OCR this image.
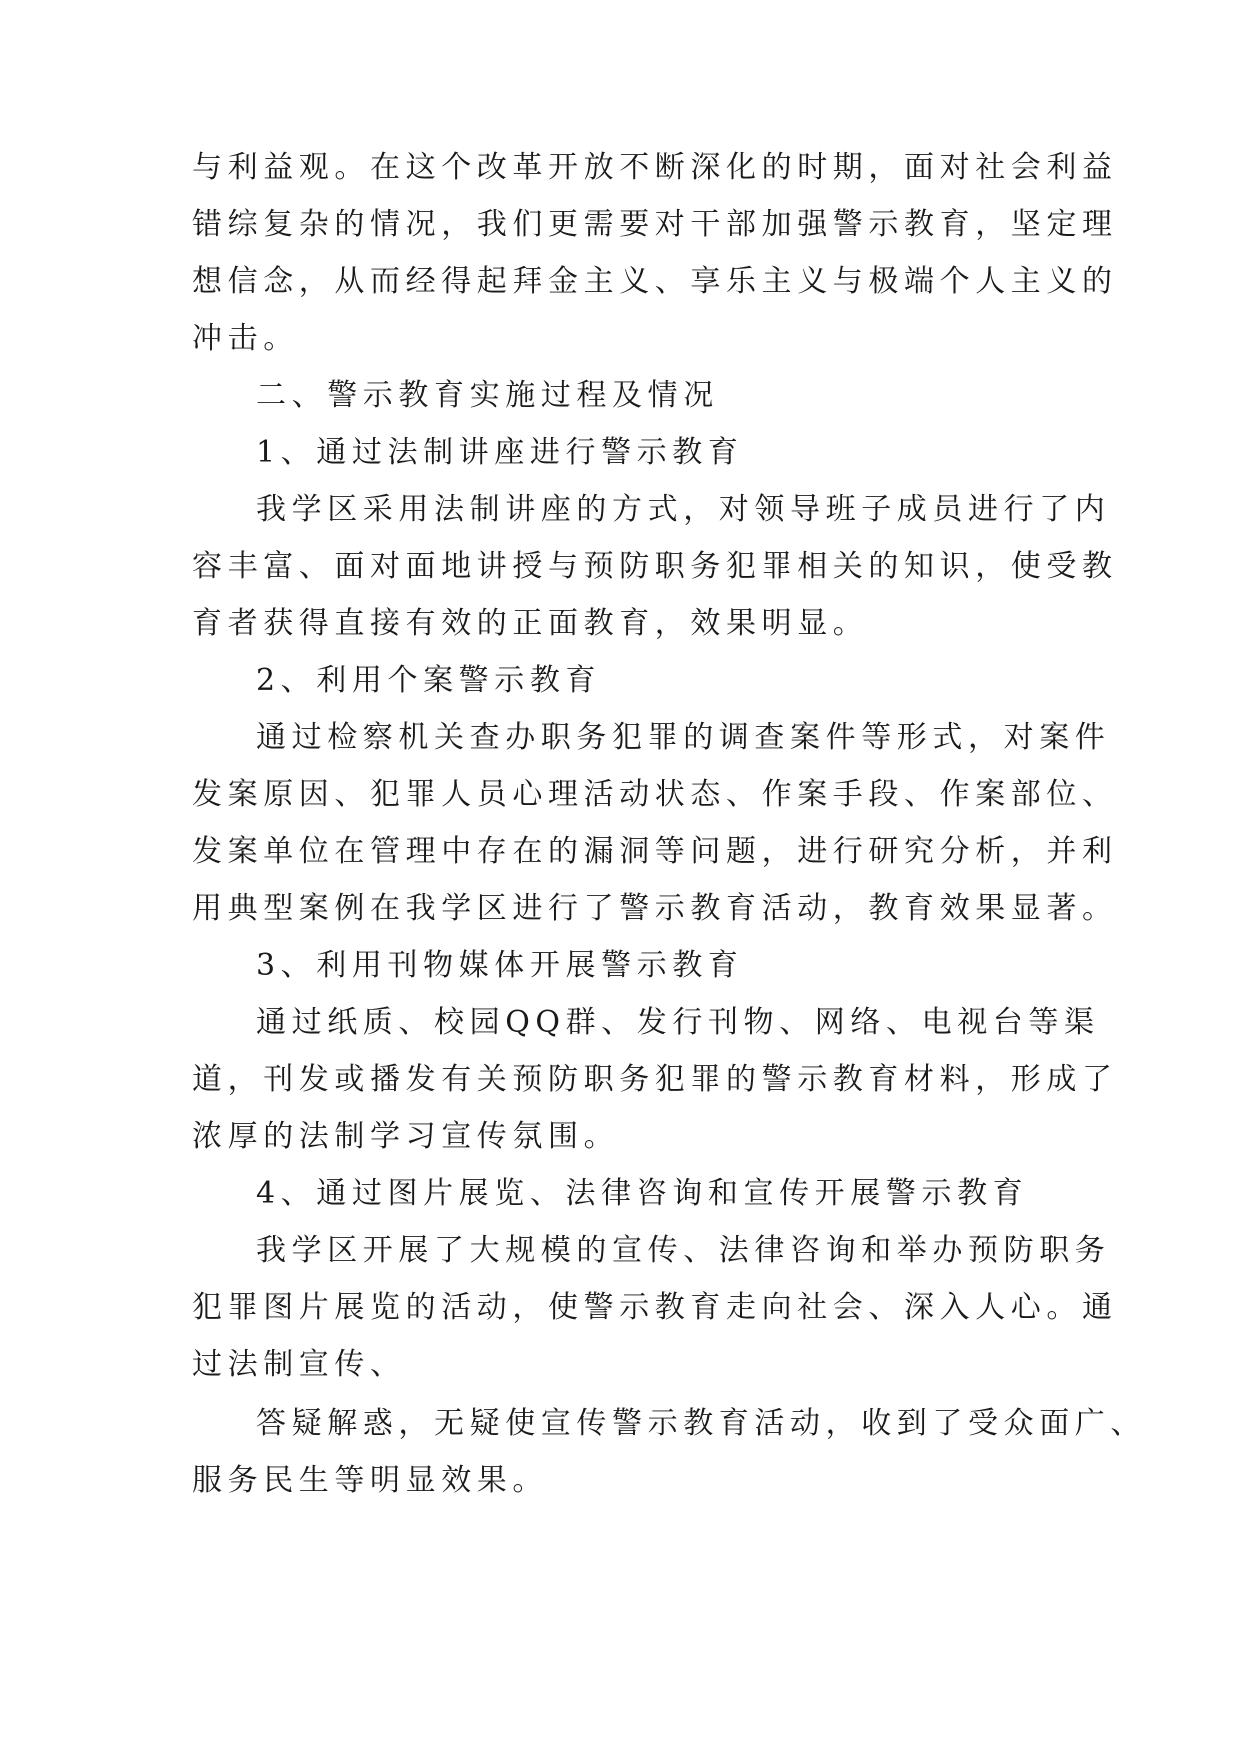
与利益观。在这个改革开放不断深化的时期，面对社会利益
错综复杂的情况，我们更需要对干部加强警示教育，坚定理
想信念，从而经得起拜金主义、享乐主义与极端个人主义的
冲击。
二、警示教育实施过程及情况
1、通过法制讲座进行警示教育
我学区采用法制讲座的方式，对领导班子成员进行了内
容丰富、面对面地讲授与预防职务犯罪相关的知识，使受教
育者获得直接有效的正面教育，效果明显。
2、利用个案警示教育
通过检察机关查办职务犯罪的调查案件等形式，对案件
发案原因、犯罪人员心理活动状态、作案手段、作案部位、
发案单位在管理中存在的漏洞等问题，进行研究分析，并利
用典型案例在我学区进行了警示教育活动，教育效果显著。
3、利用刊物媒体开展警示教育
通过纸质、校园QQ群、发行刊物、网络、电视台等渠
道，刊发或播发有关预防职务犯罪的警示教育材料，形成了
浓厚的法制学习宣传氛围。
4、通过图片展览、法律咨询和宣传开展警示教育
我学区开展了大规模的宣传、法律咨询和举办预防职务
犯罪图片展览的活动，使警示教育走向社会、深入人心。通
过法制宣传、
答疑解惑，无疑使宣传警示教育活动，收到了受众面广、
服务民生等明显效果。
